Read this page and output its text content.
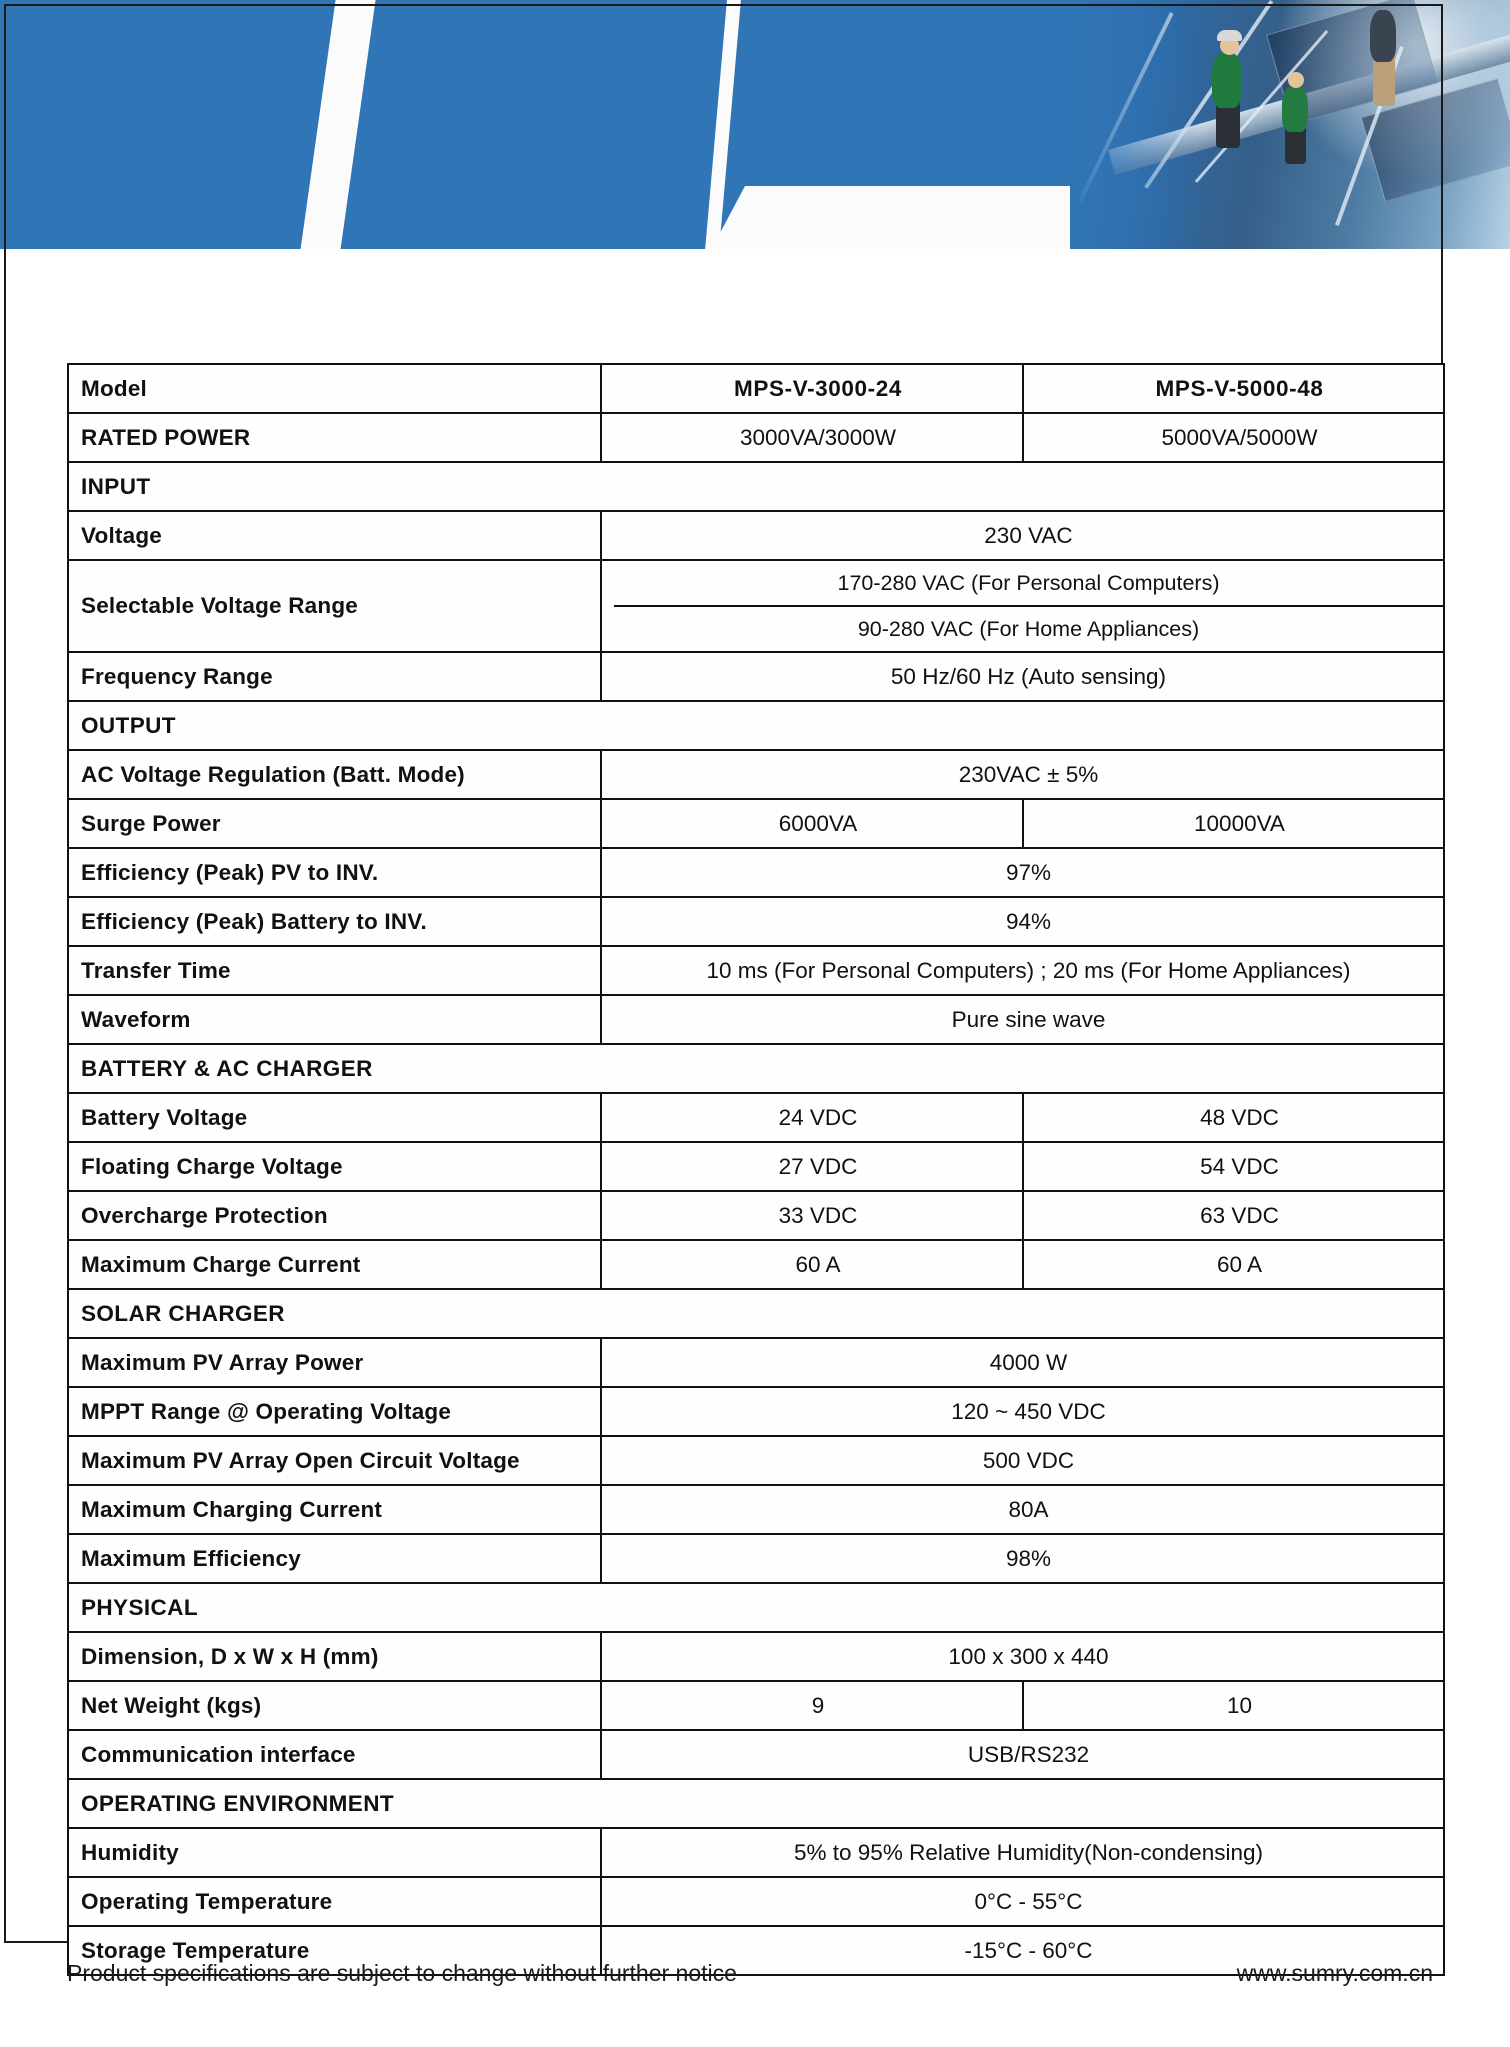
Model	MPS-V-3000-24	MPS-V-5000-48
RATED POWER	3000VA/3000W	5000VA/5000W
INPUT		
Voltage	230 VAC	
Selectable Voltage Range	170-280 VAC (For Personal Computers)
90-280 VAC (For Home Appliances)	

Frequency Range	50 Hz/60 Hz (Auto sensing)	
OUTPUT		
AC Voltage Regulation (Batt. Mode)	230VAC ± 5%	
Surge Power	6000VA	10000VA
Efficiency (Peak) PV to INV.	97%	
Efficiency (Peak) Battery to INV.	94%	
Transfer Time	10 ms (For Personal Computers) ; 20 ms (For Home Appliances)	
Waveform	Pure sine wave	
BATTERY & AC CHARGER		
Battery Voltage	24 VDC	48 VDC
Floating Charge Voltage	27 VDC	54 VDC
Overcharge Protection	33 VDC	63 VDC
Maximum Charge Current	60 A	60 A
SOLAR CHARGER		
Maximum PV Array Power	4000 W	
MPPT Range @ Operating Voltage	120 ~ 450 VDC	
Maximum PV Array Open Circuit Voltage	500 VDC	
Maximum Charging Current	80A	
Maximum Efficiency	98%	
PHYSICAL		
Dimension, D x W x H (mm)	100 x 300 x 440	
Net Weight (kgs)	9	10
Communication interface	USB/RS232	
OPERATING ENVIRONMENT		
Humidity	5% to 95% Relative Humidity(Non-condensing)	
Operating Temperature	0°C - 55°C	
Storage Temperature	-15°C - 60°C	
Product specifications are subject to change without further notice	www.sumry.com.cn
